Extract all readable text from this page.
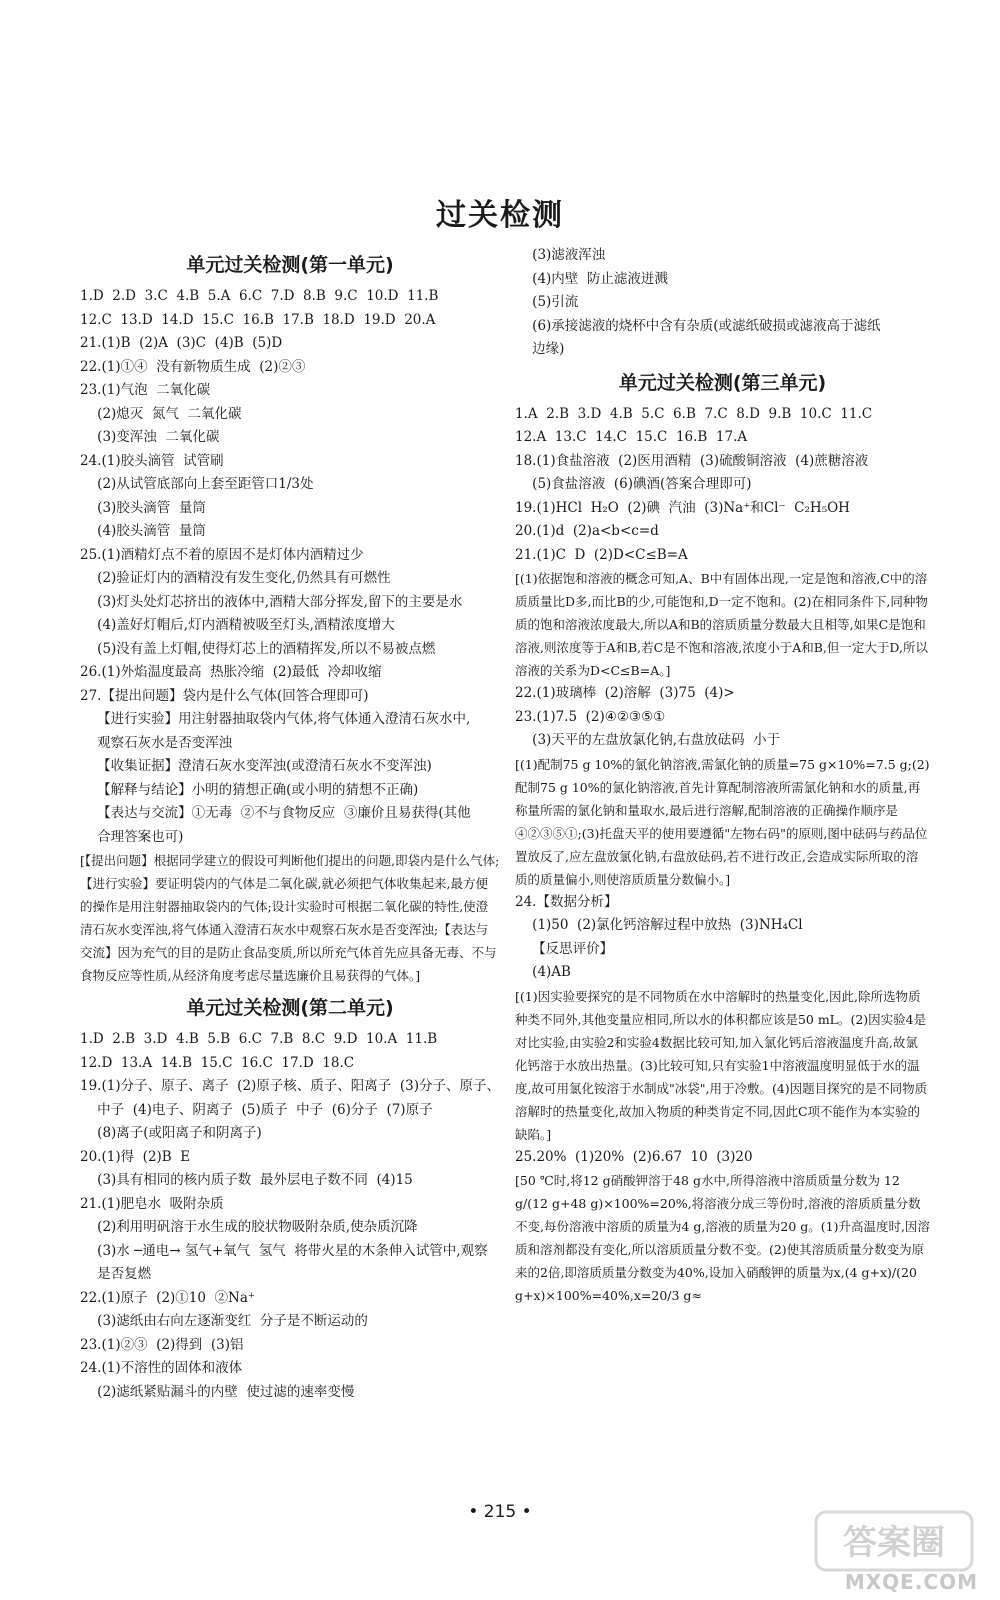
过关检测
单元过关检测(第一单元)
1.D  2.D  3.C  4.B  5.A  6.C  7.D  8.B  9.C  10.D  11.B
12.C  13.D  14.D  15.C  16.B  17.B  18.D  19.D  20.A
21.(1)B  (2)A  (3)C  (4)B  (5)D
22.(1)①④  没有新物质生成  (2)②③
23.(1)气泡  二氧化碳
(2)熄灭  氮气  二氧化碳
(3)变浑浊  二氧化碳
24.(1)胶头滴管  试管刷
(2)从试管底部向上套至距管口1/3处
(3)胶头滴管  量筒
(4)胶头滴管  量筒
25.(1)酒精灯点不着的原因不是灯体内酒精过少
(2)验证灯内的酒精没有发生变化,仍然具有可燃性
(3)灯头处灯芯挤出的液体中,酒精大部分挥发,留下的主要是水
(4)盖好灯帽后,灯内酒精被吸至灯头,酒精浓度增大
(5)没有盖上灯帽,使得灯芯上的酒精挥发,所以不易被点燃
26.(1)外焰温度最高  热胀冷缩  (2)最低  冷却收缩
27.【提出问题】袋内是什么气体(回答合理即可)
【进行实验】用注射器抽取袋内气体,将气体通入澄清石灰水中,
观察石灰水是否变浑浊
【收集证据】澄清石灰水变浑浊(或澄清石灰水不变浑浊)
【解释与结论】小明的猜想正确(或小明的猜想不正确)
【表达与交流】①无毒  ②不与食物反应  ③廉价且易获得(其他
合理答案也可)
[【提出问题】根据同学建立的假设可判断他们提出的问题,即袋内是什么气体;【进行实验】要证明袋内的气体是二氧化碳,就必须把气体收集起来,最方便的操作是用注射器抽取袋内的气体;设计实验时可根据二氧化碳的特性,使澄清石灰水变浑浊,将气体通入澄清石灰水中观察石灰水是否变浑浊;【表达与交流】因为充气的目的是防止食品变质,所以所充气体首先应具备无毒、不与食物反应等性质,从经济角度考虑尽量选廉价且易获得的气体。]
单元过关检测(第二单元)
1.D  2.B  3.D  4.B  5.B  6.C  7.B  8.C  9.D  10.A  11.B
12.D  13.A  14.B  15.C  16.C  17.D  18.C
19.(1)分子、原子、离子  (2)原子核、质子、阳离子  (3)分子、原子、
中子  (4)电子、阴离子  (5)质子  中子  (6)分子  (7)原子
(8)离子(或阳离子和阴离子)
20.(1)得  (2)B  E
(3)具有相同的核内质子数  最外层电子数不同  (4)15
21.(1)肥皂水  吸附杂质
(2)利用明矾溶于水生成的胶状物吸附杂质,使杂质沉降
(3)水 ─通电→ 氢气+氧气  氢气  将带火星的木条伸入试管中,观察
是否复燃
22.(1)原子  (2)①10  ②Na⁺
(3)滤纸由右向左逐渐变红  分子是不断运动的
23.(1)②③  (2)得到  (3)铝
24.(1)不溶性的固体和液体
(2)滤纸紧贴漏斗的内壁  使过滤的速率变慢
(3)滤液浑浊
(4)内壁  防止滤液迸溅
(5)引流
(6)承接滤液的烧杯中含有杂质(或滤纸破损或滤液高于滤纸
边缘)
单元过关检测(第三单元)
1.A  2.B  3.D  4.B  5.C  6.B  7.C  8.D  9.B  10.C  11.C
12.A  13.C  14.C  15.C  16.B  17.A
18.(1)食盐溶液  (2)医用酒精  (3)硫酸铜溶液  (4)蔗糖溶液
(5)食盐溶液  (6)碘酒(答案合理即可)
19.(1)HCl  H₂O  (2)碘  汽油  (3)Na⁺和Cl⁻  C₂H₅OH
20.(1)d  (2)a<b<c=d
21.(1)C  D  (2)D<C≤B=A
[(1)依据饱和溶液的概念可知,A、B中有固体出现,一定是饱和溶液,C中的溶质质量比D多,而比B的少,可能饱和,D一定不饱和。(2)在相同条件下,同种物质的饱和溶液浓度最大,所以A和B的溶质质量分数最大且相等,如果C是饱和溶液,则浓度等于A和B,若C是不饱和溶液,浓度小于A和B,但一定大于D,所以溶液的关系为D<C≤B=A。]
22.(1)玻璃棒  (2)溶解  (3)75  (4)>
23.(1)7.5  (2)④②③⑤①
(3)天平的左盘放氯化钠,右盘放砝码  小于
[(1)配制75 g 10%的氯化钠溶液,需氯化钠的质量=75 g×10%=7.5 g;(2)配制75 g 10%的氯化钠溶液,首先计算配制溶液所需氯化钠和水的质量,再称量所需的氯化钠和量取水,最后进行溶解,配制溶液的正确操作顺序是④②③⑤①;(3)托盘天平的使用要遵循"左物右码"的原则,图中砝码与药品位置放反了,应左盘放氯化钠,右盘放砝码,若不进行改正,会造成实际所取的溶质的质量偏小,则使溶质质量分数偏小。]
24.【数据分析】
(1)50  (2)氯化钙溶解过程中放热  (3)NH₄Cl
【反思评价】
(4)AB
[(1)因实验要探究的是不同物质在水中溶解时的热量变化,因此,除所选物质种类不同外,其他变量应相同,所以水的体积都应该是50 mL。(2)因实验4是对比实验,由实验2和实验4数据比较可知,加入氯化钙后溶液温度升高,故氯化钙溶于水放出热量。(3)比较可知,只有实验1中溶液温度明显低于水的温度,故可用氯化铵溶于水制成"冰袋",用于冷敷。(4)因题目探究的是不同物质溶解时的热量变化,故加入物质的种类肯定不同,因此C项不能作为本实验的缺陷。]
25.20%  (1)20%  (2)6.67  10  (3)20
[50 ℃时,将12 g硝酸钾溶于48 g水中,所得溶液中溶质质量分数为 12 g/(12 g+48 g)×100%=20%,将溶液分成三等份时,溶液的溶质质量分数不变,每份溶液中溶质的质量为4 g,溶液的质量为20 g。(1)升高温度时,因溶质和溶剂都没有变化,所以溶质质量分数不变。(2)使其溶质质量分数变为原来的2倍,即溶质质量分数变为40%,设加入硝酸钾的质量为x,(4 g+x)/(20 g+x)×100%=40%,x=20/3 g≈
• 215 •
答案圈
MXQE.COM
